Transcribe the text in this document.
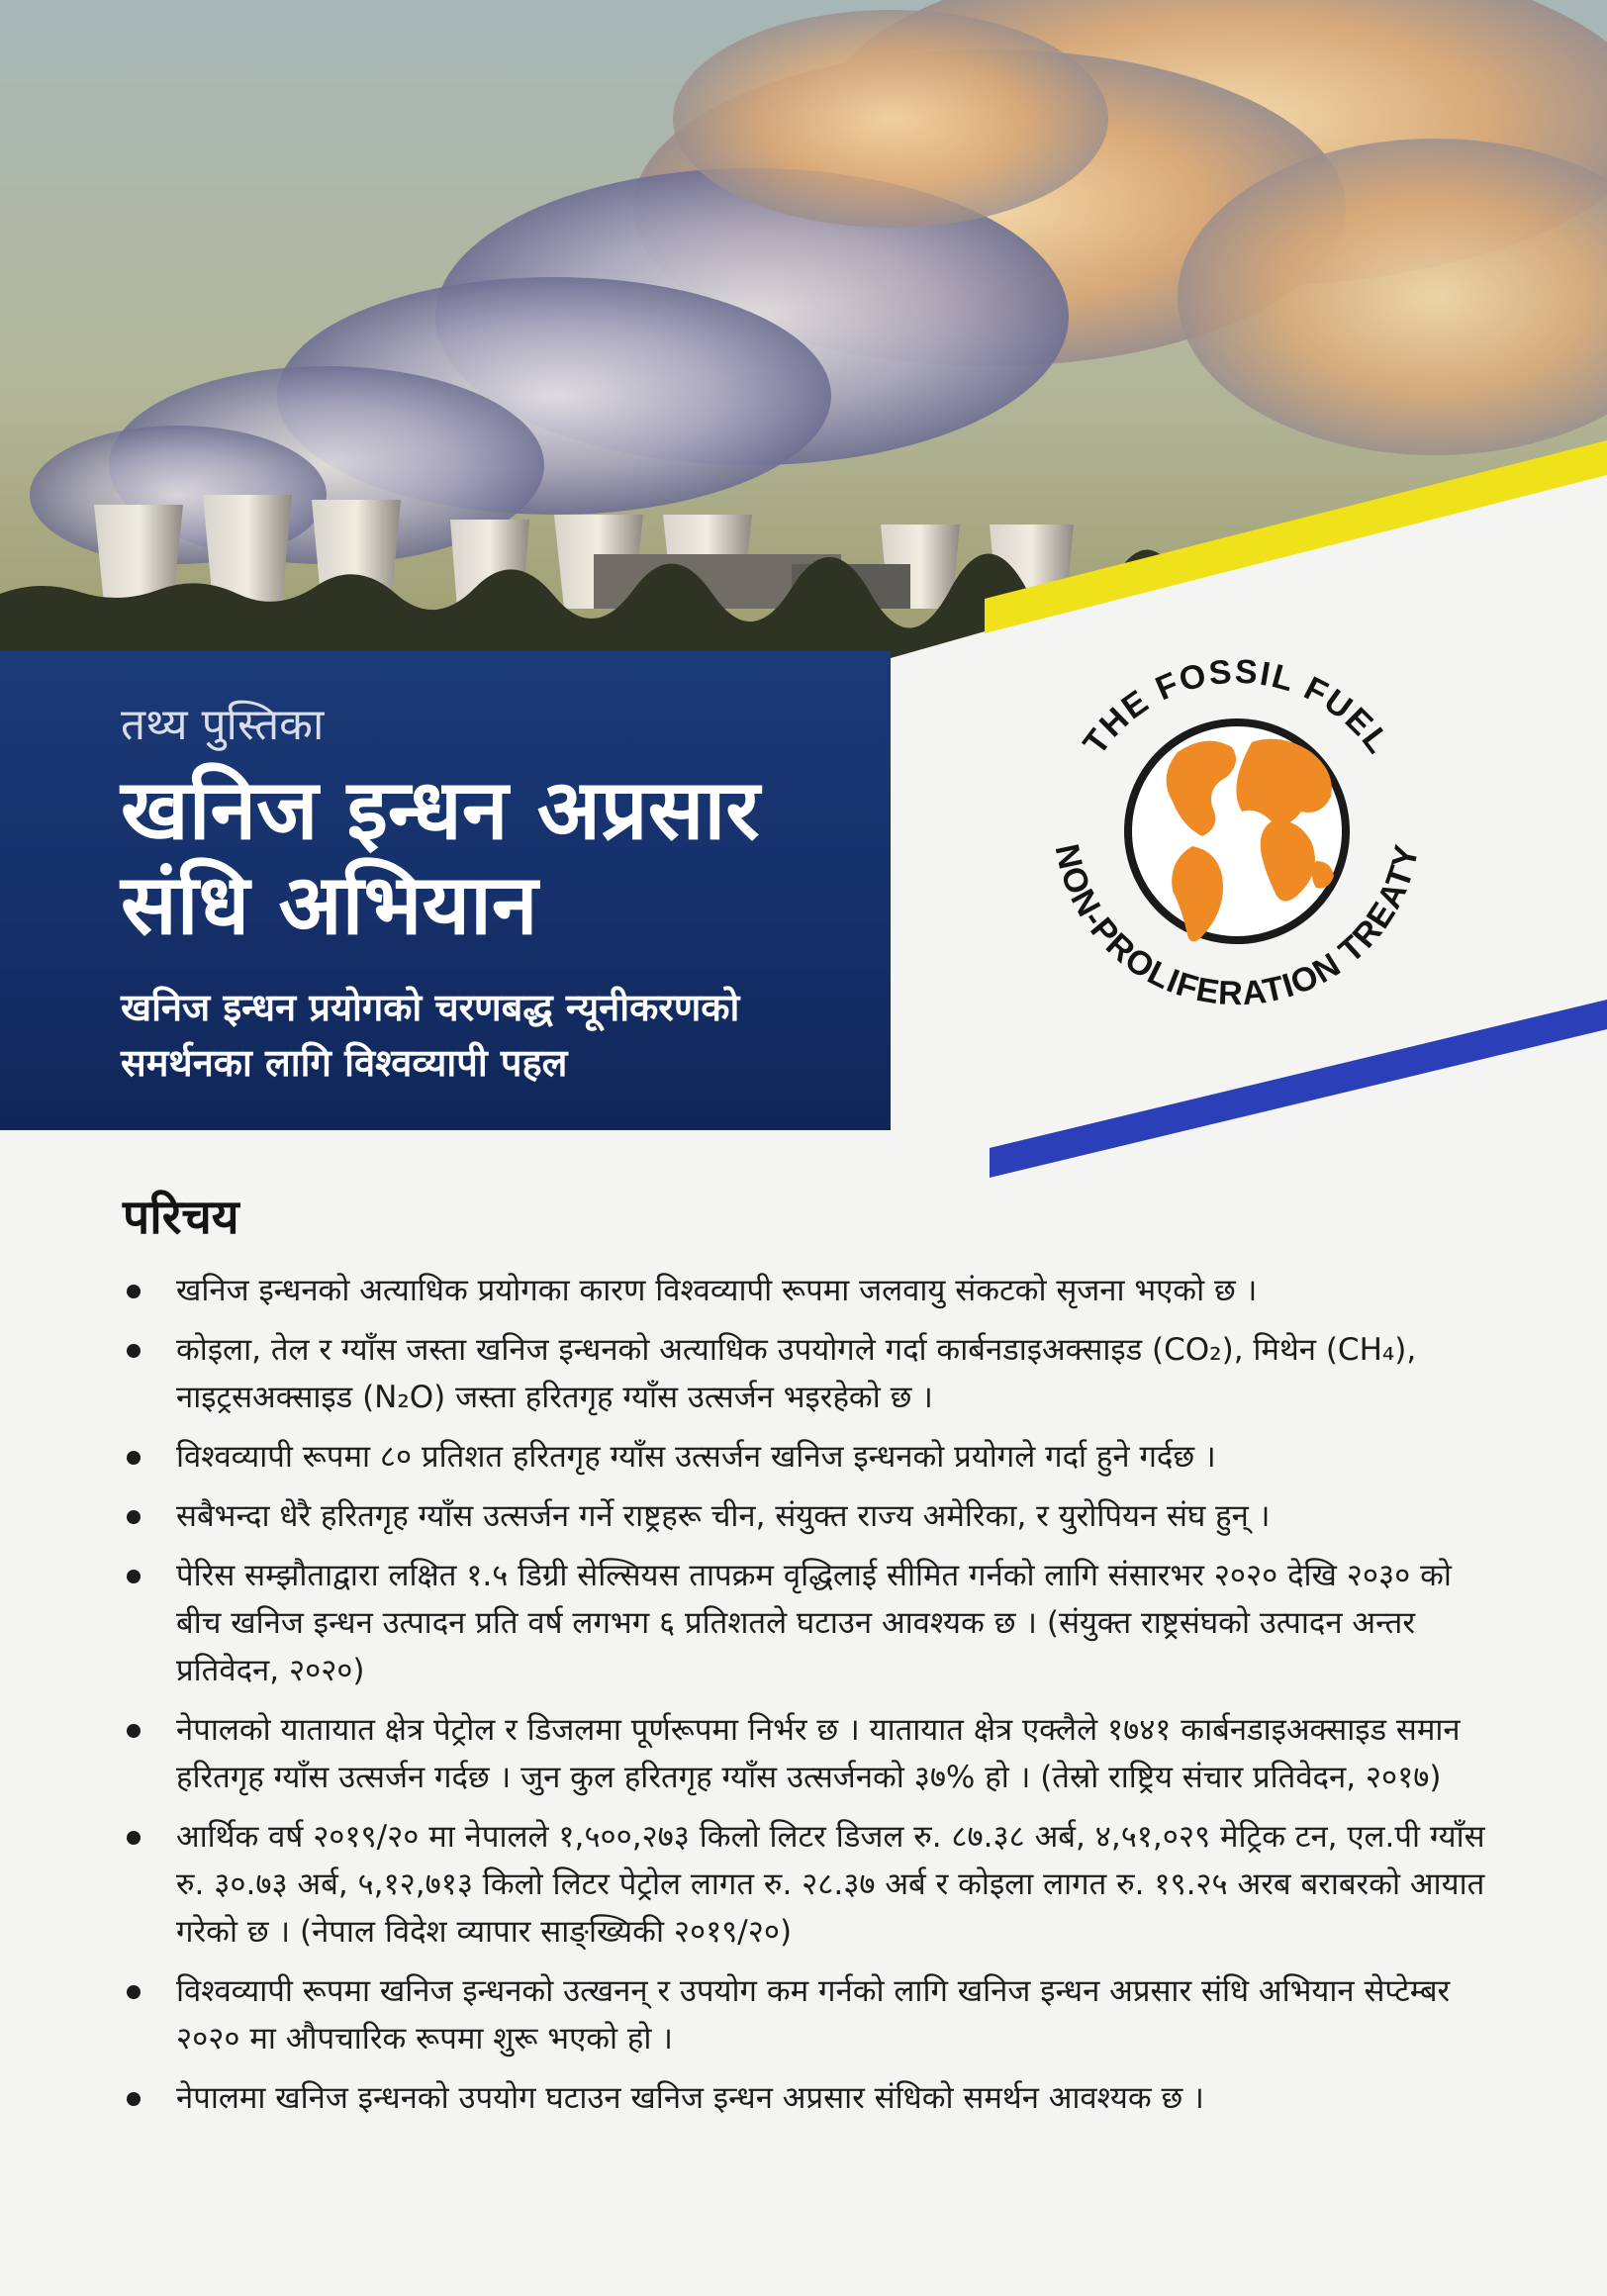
तथ्य पुस्तिका

खनिज इन्धन अप्रसार
संधि अभियान

खनिज इन्धन प्रयोगको चरणबद्ध न्यूनीकरणको
समर्थनका लागि विश्वव्यापी पहल

THE FOSSIL FUEL
NON-PROLIFERATION TREATY
परिचय
खनिज इन्धनको अत्याधिक प्रयोगका कारण विश्वव्यापी रूपमा जलवायु संकटको सृजना भएको छ ।
कोइला, तेल र ग्याँस जस्ता खनिज इन्धनको अत्याधिक उपयोगले गर्दा कार्बनडाइअक्साइड (CO₂), मिथेन (CH₄), नाइट्रसअक्साइड (N₂O) जस्ता हरितगृह ग्याँस उत्सर्जन भइरहेको छ ।
विश्वव्यापी रूपमा ८० प्रतिशत हरितगृह ग्याँस उत्सर्जन खनिज इन्धनको प्रयोगले गर्दा हुने गर्दछ ।
सबैभन्दा धेरै हरितगृह ग्याँस उत्सर्जन गर्ने राष्ट्रहरू चीन, संयुक्त राज्य अमेरिका, र युरोपियन संघ हुन् ।
पेरिस सम्झौताद्वारा लक्षित १.५ डिग्री सेल्सियस तापक्रम वृद्धिलाई सीमित गर्नको लागि संसारभर २०२० देखि २०३० को बीच खनिज इन्धन उत्पादन प्रति वर्ष लगभग ६ प्रतिशतले घटाउन आवश्यक छ । (संयुक्त राष्ट्रसंघको उत्पादन अन्तर प्रतिवेदन, २०२०)
नेपालको यातायात क्षेत्र पेट्रोल र डिजलमा पूर्णरूपमा निर्भर छ । यातायात क्षेत्र एक्लैले १७४१ कार्बनडाइअक्साइड समान हरितगृह ग्याँस उत्सर्जन गर्दछ । जुन कुल हरितगृह ग्याँस उत्सर्जनको ३७% हो । (तेस्रो राष्ट्रिय संचार प्रतिवेदन, २०१७)
आर्थिक वर्ष २०१९/२० मा नेपालले १,५००,२७३ किलो लिटर डिजल रु. ८७.३८ अर्ब, ४,५१,०२९ मेट्रिक टन, एल.पी ग्याँस रु. ३०.७३ अर्ब, ५,१२,७१३ किलो लिटर पेट्रोल लागत रु. २८.३७ अर्ब र कोइला लागत रु. १९.२५ अरब बराबरको आयात गरेको छ । (नेपाल विदेश व्यापार साङ्ख्यिकी २०१९/२०)
विश्वव्यापी रूपमा खनिज इन्धनको उत्खनन् र उपयोग कम गर्नको लागि खनिज इन्धन अप्रसार संधि अभियान सेप्टेम्बर २०२० मा औपचारिक रूपमा शुरू भएको हो ।
नेपालमा खनिज इन्धनको उपयोग घटाउन खनिज इन्धन अप्रसार संधिको समर्थन आवश्यक छ ।
